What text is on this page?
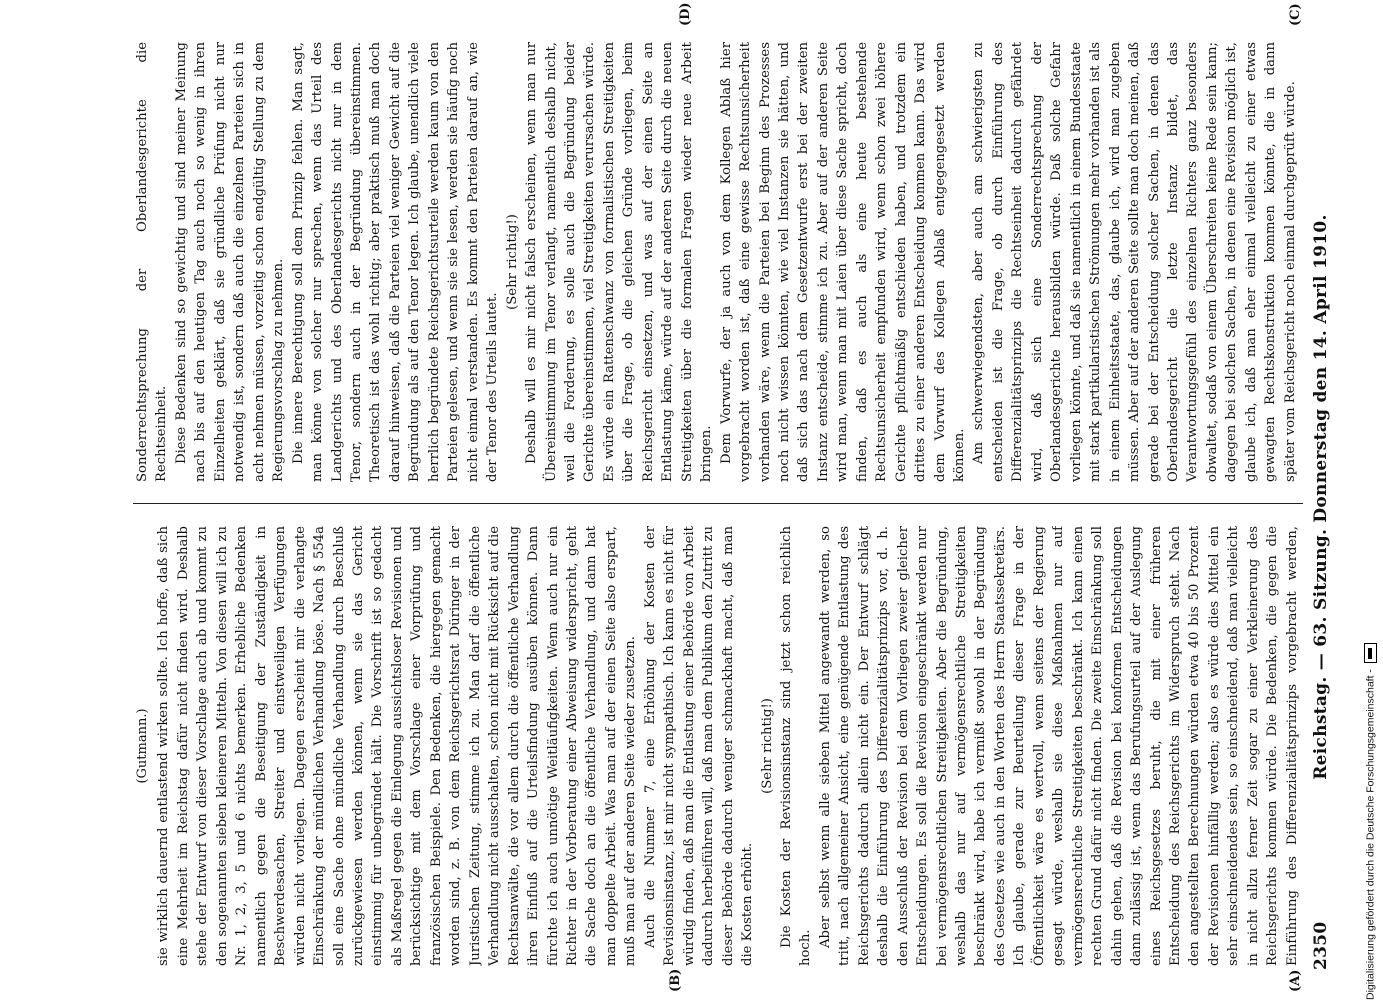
2350
Reichstag. — 63. Sitzung. Donnerstag den 14. April 1910.
(A)
(B)
(C)
(D)

(Gutmann.) sie wirklich dauernd entlastend wirken sollte. Ich hoffe, daß sich eine Mehrheit im Reichstag dafür nicht finden wird. Deshalb stehe der Entwurf von dieser Vorschlage auch ab und kommt zu den sogenannten sieben kleineren Mitteln. Von diesen will ich zu Nr. 1, 2, 3, 5 und 6 nichts bemerken. Erhebliche Bedenken namentlich gegen die Beseitigung der Zuständigkeit in Beschwerdesachen, Streiter und einstweiligen Verfügungen würden nicht vorliegen. Dagegen erscheint mir die verlangte Einschränkung der mündlichen Verhandlung böse. Nach § 554a soll eine Sache ohne mündliche Verhandlung durch Beschluß zurückgewiesen werden können, wenn sie das Gericht einstimmig für unbegründet hält. Die Vorschrift ist so gedacht als Maßregel gegen die Einlegung aussichtsloser Revisionen und berücksichtige mit dem Vorschlage einer Vorprüfung und französischen Beispiele. Den Bedenken, die hiergegen gemacht worden sind, z. B. von dem Reichsgerichtsrat Düringer in der Juristischen Zeitung, stimme ich zu. Man darf die öffentliche Verhandlung nicht ausschalten, schon nicht mit Rücksicht auf die Rechtsanwälte, die vor allem durch die öffentliche Verhandlung ihren Einfluß auf die Urteilsfindung ausüben können. Dann fürchte ich auch unnötige Weitläufigkeiten. Wenn auch nur ein Richter in der Vorberatung einer Abweisung widerspricht, geht die Sache doch an die öffentliche Verhandlung, und dann hat man doppelte Arbeit. Was man auf der einen Seite also erspart, muß man auf der anderen Seite wieder zusetzen. Auch die Nummer 7, eine Erhöhung der Kosten der Revisionsinstanz, ist mir nicht sympathisch. Ich kann es nicht für würdig finden, daß man die Entlastung einer Behörde von Arbeit dadurch herbeiführen will, daß man dem Publikum den Zutritt zu dieser Behörde dadurch weniger schmackhaft macht, daß man die Kosten erhöht.

(Sehr richtig!) Die Kosten der Revisionsinstanz sind jetzt schon reichlich hoch. Aber selbst wenn alle sieben Mittel angewandt werden, so tritt, nach allgemeiner Ansicht, eine genügende Entlastung des Reichsgerichts dadurch allein nicht ein. Der Entwurf schlägt deshalb die Einführung des Differenzialitätsprinzips vor, d. h. den Ausschluß der Revision bei dem Vorliegen zweier gleicher Entscheidungen. Es soll die Revision eingeschränkt werden nur bei vermögensrechtlichen Streitigkeiten. Aber die Begründung, weshalb das nur auf vermögensrechtliche Streitigkeiten beschränkt wird, habe ich vermißt sowohl in der Begründung des Gesetzes wie auch in den Worten des Herrn Staatssekretärs. Ich glaube, gerade zur Beurteilung dieser Frage in der Öffentlichkeit wäre es wertvoll, wenn seitens der Regierung gesagt würde, weshalb sie diese Maßnahmen nur auf vermögensrechtliche Streitigkeiten beschränkt. Ich kann einen rechten Grund dafür nicht finden. Die zweite Einschränkung soll dahin gehen, daß die Revision bei konformen Entscheidungen dann zulässig ist, wenn das Berufungsurteil auf der Auslegung eines Reichsgesetzes beruht, die mit einer früheren Entscheidung des Reichsgerichts im Widerspruch steht. Nach den angestellten Berechnungen würden etwa 40 bis 50 Prozent der Revisionen hinfällig werden; also es würde dies Mittel ein sehr einschneidendes sein, so einschneidend, daß man vielleicht in nicht allzu ferner Zeit sogar zu einer Verkleinerung des Reichsgerichts kommen würde. Die Bedenken, die gegen die Einführung des Differenzialitätsprinzips vorgebracht werden,

Sonderrechtsprechung der Oberlandesgerichte die Rechtseinheit. Diese Bedenken sind so gewichtig und sind meiner Meinung nach bis auf den heutigen Tag auch noch so wenig in ihren Einzelheiten geklärt, daß sie gründliche Prüfung nicht nur notwendig ist, sondern daß auch die einzelnen Parteien sich in acht nehmen müssen, vorzeitig schon endgültig Stellung zu dem Regierungsvorschlag zu nehmen. Die innere Berechtigung soll dem Prinzip fehlen. Man sagt, man könne von solcher nur sprechen, wenn das Urteil des Landgerichts und des Oberlandesgerichts nicht nur in dem Tenor, sondern auch in der Begründung übereinstimmen. Theoretisch ist das wohl richtig; aber praktisch muß man doch darauf hinweisen, daß die Parteien viel weniger Gewicht auf die Begründung als auf den Tenor legen. Ich glaube, unendlich viele herrlich begründete Reichsgerichtsurteile werden kaum von den Parteien gelesen, und wenn sie sie lesen, werden sie häufig noch nicht einmal verstanden. Es kommt den Parteien darauf an, wie der Tenor des Urteils lautet.

(Sehr richtig!) Deshalb will es mir nicht falsch erscheinen, wenn man nur Übereinstimmung im Tenor verlangt, namentlich deshalb nicht, weil die Forderung, es solle auch die Begründung beider Gerichte übereinstimmen, viel Streitigkeiten verursachen würde. Es würde ein Rattenschwanz von formalistischen Streitigkeiten über die Frage, ob die gleichen Gründe vorliegen, beim Reichsgericht einsetzen, und was auf der einen Seite an Entlastung käme, würde auf der anderen Seite durch die neuen Streitigkeiten über die formalen Fragen wieder neue Arbeit bringen. Dem Vorwurfe, der ja auch von dem Kollegen Ablaß hier vorgebracht worden ist, daß eine gewisse Rechtsunsicherheit vorhanden wäre, wenn die Parteien bei Beginn des Prozesses noch nicht wissen könnten, wie viel Instanzen sie hätten, und daß sich das nach dem Gesetzentwurfe erst bei der zweiten Instanz entscheide, stimme ich zu. Aber auf der anderen Seite wird man, wenn man mit Laien über diese Sache spricht, doch finden, daß es auch als eine heute bestehende Rechtsunsicherheit empfunden wird, wenn schon zwei höhere Gerichte pflichtmäßig entschieden haben, und trotzdem ein drittes zu einer anderen Entscheidung kommen kann. Das wird dem Vorwurf des Kollegen Ablaß entgegengesetzt werden können. Am schwerwiegendsten, aber auch am schwierigsten zu entscheiden ist die Frage, ob durch Einführung des Differenzialitätsprinzips die Rechtseinheit dadurch gefährdet wird, daß sich eine Sonderrechtsprechung der Oberlandesgerichte herausbilden würde. Daß solche Gefahr vorliegen könnte, und daß sie namentlich in einem Bundesstaate mit stark partikularistischen Strömungen mehr vorhanden ist als in einem Einheitsstaate, das, glaube ich, wird man zugeben müssen. Aber auf der anderen Seite sollte man doch meinen, daß gerade bei der Entscheidung solcher Sachen, in denen das Oberlandesgericht die letzte Instanz bildet, das Verantwortungsgefühl des einzelnen Richters ganz besonders obwaltet, sodaß von einem Überschreiten keine Rede sein kann; dagegen bei solchen Sachen, in denen eine Revision möglich ist, glaube ich, daß man eher einmal vielleicht zu einer etwas gewagten Rechtskonstruktion kommen könnte, die in dann später vom Reichsgericht noch einmal durchgeprüft würde.

Digitalisierung gefördert durch die Deutsche Forschungsgemeinschaft -
